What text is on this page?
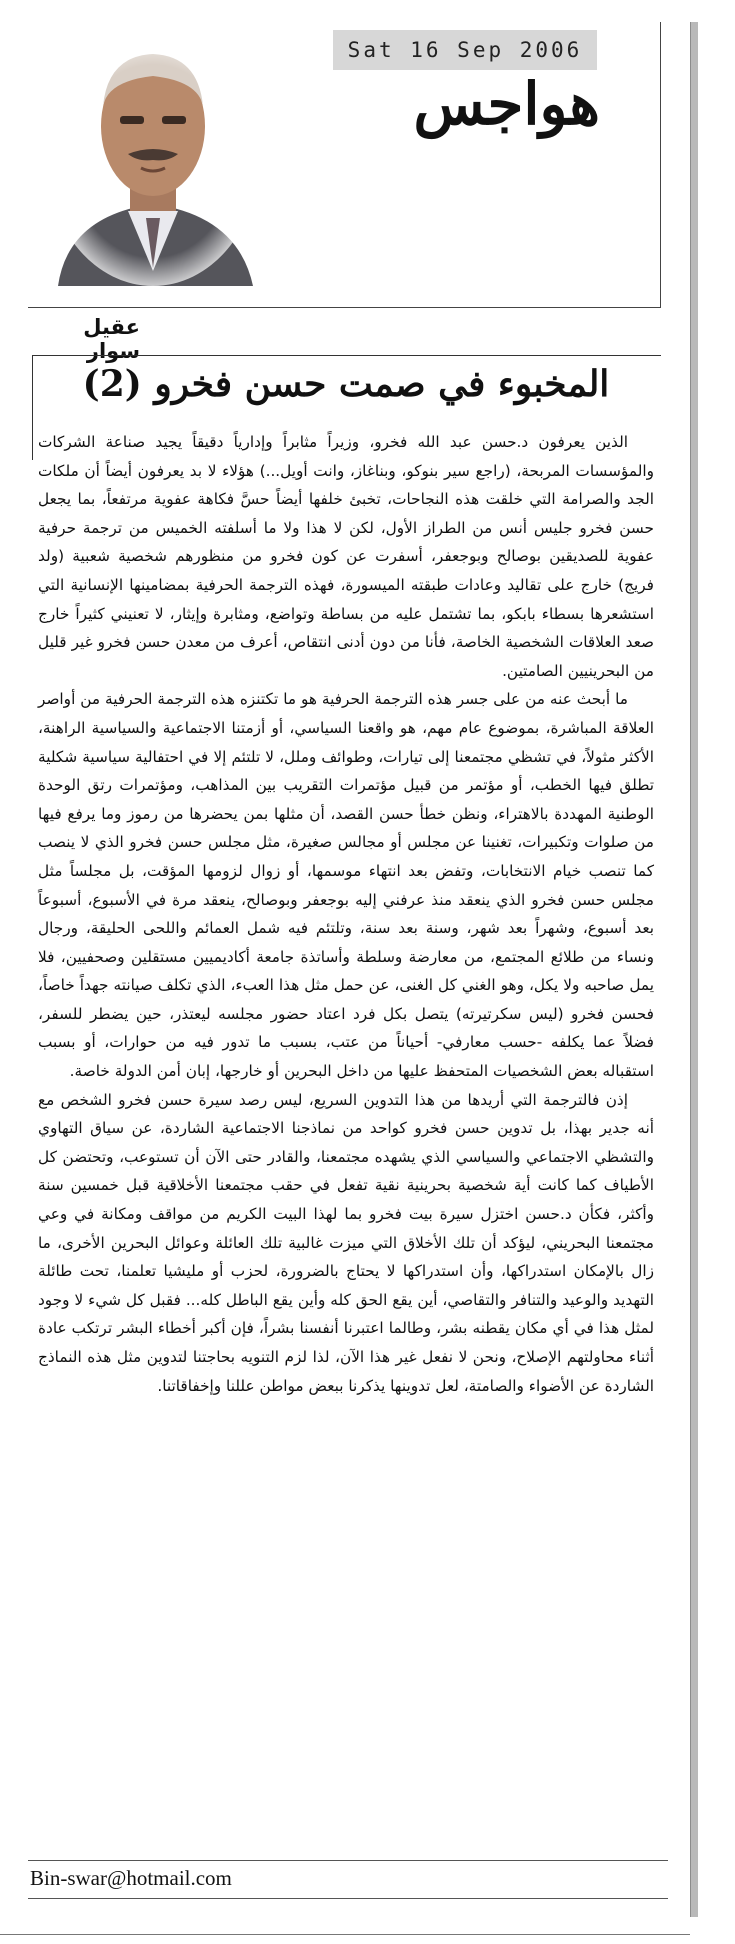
Sat 16 Sep 2006
هواجس
عقيل سوار
المخبوء في صمت حسن فخرو (2)

الذين يعرفون د.حسن عبد الله فخرو، وزيراً مثابراً وإدارياً دقيقاً يجيد صناعة الشركات والمؤسسات المربحة، (راجع سير بنوكو، وبناغاز، وانت أويل...) هؤلاء لا بد يعرفون أيضاً أن ملكات الجد والصرامة التي خلقت هذه النجاحات، تخبئ خلفها أيضاً حسَّ فكاهة عفوية مرتفعاً، بما يجعل حسن فخرو جليس أنس من الطراز الأول، لكن لا هذا ولا ما أسلفته الخميس من ترجمة حرفية عفوية للصديقين بوصالح وبوجعفر، أسفرت عن كون فخرو من منظورهم شخصية شعبية (ولد فريج) خارج على تقاليد وعادات طبقته الميسورة، فهذه الترجمة الحرفية بمضامينها الإنسانية التي استشعرها بسطاء بابكو، بما تشتمل عليه من بساطة وتواضع، ومثابرة وإيثار، لا تعنيني كثيراً خارج صعد العلاقات الشخصية الخاصة، فأنا من دون أدنى انتقاص، أعرف من معدن حسن فخرو غير قليل من البحرينيين الصامتين.

ما أبحث عنه من على جسر هذه الترجمة الحرفية هو ما تكتنزه هذه الترجمة الحرفية من أواصر العلاقة المباشرة، بموضوع عام مهم، هو واقعنا السياسي، أو أزمتنا الاجتماعية والسياسية الراهنة، الأكثر مثولاً، في تشظي مجتمعنا إلى تيارات، وطوائف وملل، لا تلتئم إلا في احتفالية سياسية شكلية تطلق فيها الخطب، أو مؤتمر من قبيل مؤتمرات التقريب بين المذاهب، ومؤتمرات رتق الوحدة الوطنية المهددة بالاهتراء، ونظن خطأ حسن القصد، أن مثلها بمن يحضرها من رموز وما يرفع فيها من صلوات وتكبيرات، تغنينا عن مجلس أو مجالس صغيرة، مثل مجلس حسن فخرو الذي لا ينصب كما تنصب خيام الانتخابات، وتفض بعد انتهاء موسمها، أو زوال لزومها المؤقت، بل مجلساً مثل مجلس حسن فخرو الذي ينعقد منذ عرفني إليه بوجعفر وبوصالح، ينعقد مرة في الأسبوع، أسبوعاً بعد أسبوع، وشهراً بعد شهر، وسنة بعد سنة، وتلتئم فيه شمل العمائم واللحى الحليقة، ورجال ونساء من طلائع المجتمع، من معارضة وسلطة وأساتذة جامعة أكاديميين مستقلين وصحفيين، فلا يمل صاحبه ولا يكل، وهو الغني كل الغنى، عن حمل مثل هذا العبء، الذي تكلف صيانته جهداً خاصاً، فحسن فخرو (ليس سكرتيرته) يتصل بكل فرد اعتاد حضور مجلسه ليعتذر، حين يضطر للسفر، فضلاً عما يكلفه -حسب معارفي- أحياناً من عتب، بسبب ما تدور فيه من حوارات، أو بسبب استقباله بعض الشخصيات المتحفظ عليها من داخل البحرين أو خارجها، إبان أمن الدولة خاصة.

إذن فالترجمة التي أريدها من هذا التدوين السريع، ليس رصد سيرة حسن فخرو الشخص مع أنه جدير بهذا، بل تدوين حسن فخرو كواحد من نماذجنا الاجتماعية الشاردة، عن سياق التهاوي والتشظي الاجتماعي والسياسي الذي يشهده مجتمعنا، والقادر حتى الآن أن تستوعب، وتحتضن كل الأطياف كما كانت أية شخصية بحرينية نقية تفعل في حقب مجتمعنا الأخلاقية قبل خمسين سنة وأكثر، فكأن د.حسن اختزل سيرة بيت فخرو بما لهذا البيت الكريم من مواقف ومكانة في وعي مجتمعنا البحريني، ليؤكد أن تلك الأخلاق التي ميزت غالبية تلك العائلة وعوائل البحرين الأخرى، ما زال بالإمكان استدراكها، وأن استدراكها لا يحتاج بالضرورة، لحزب أو مليشيا تعلمنا، تحت طائلة التهديد والوعيد والتنافر والتقاصي، أين يقع الحق كله وأين يقع الباطل كله... فقبل كل شيء لا وجود لمثل هذا في أي مكان يقطنه بشر، وطالما اعتبرنا أنفسنا بشراً، فإن أكبر أخطاء البشر ترتكب عادة أثناء محاولتهم الإصلاح، ونحن لا نفعل غير هذا الآن، لذا لزم التنويه بحاجتنا لتدوين مثل هذه النماذج الشاردة عن الأضواء والصامتة، لعل تدوينها يذكرنا ببعض مواطن عللنا وإخفاقاتنا.

Bin-swar@hotmail.com
